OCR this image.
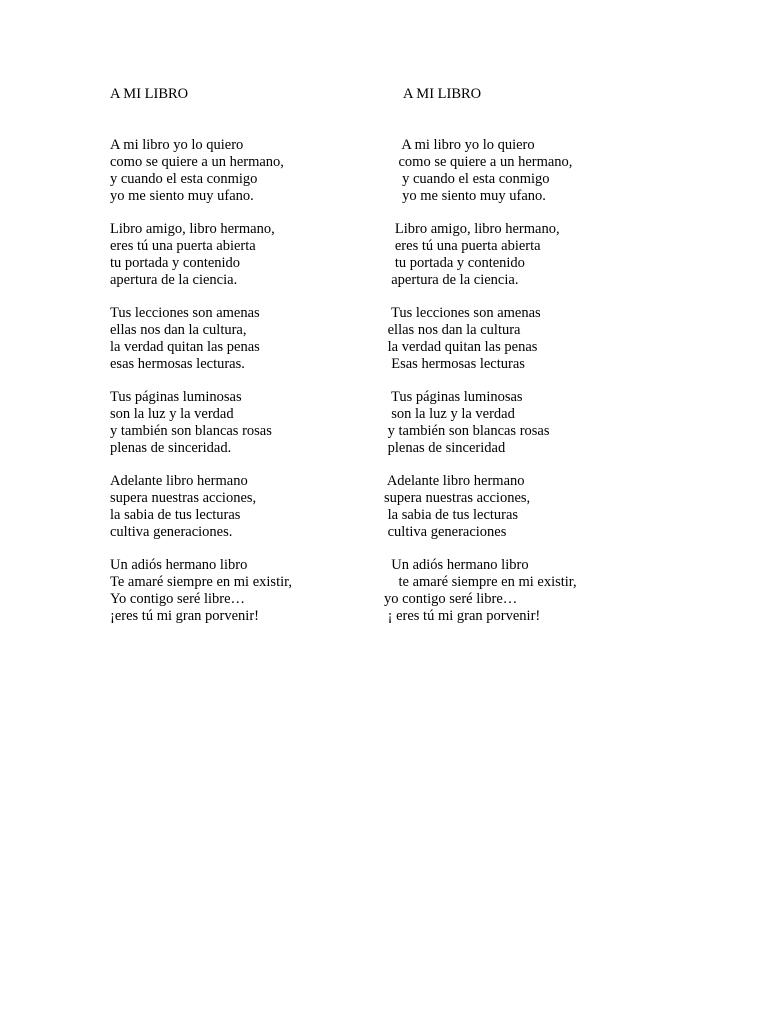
A MI LIBRO	A MI LIBRO
A mi libro yo lo quiero
como se quiere a un hermano,
y cuando el esta conmigo
yo me siento muy ufano.
Libro amigo, libro hermano,
eres tú una puerta abierta
tu portada y contenido
apertura de la ciencia.
Tus lecciones son amenas
ellas nos dan la cultura,
la verdad quitan las penas
esas hermosas lecturas.
Tus páginas luminosas
son la luz y la verdad
y también son blancas rosas
plenas de sinceridad.
Adelante libro hermano
supera nuestras acciones,
la sabia de tus lecturas
cultiva generaciones.
Un adiós hermano libro
Te amaré siempre en mi existir,
Yo contigo seré libre…
¡eres tú mi gran porvenir!
A mi libro yo lo quiero
como se quiere a un hermano,
y cuando el esta conmigo
yo me siento muy ufano.
Libro amigo, libro hermano,
eres tú una puerta abierta
tu portada y contenido
apertura de la ciencia.
Tus lecciones son amenas
ellas nos dan la cultura
la verdad quitan las penas
Esas hermosas lecturas
Tus páginas luminosas
son la luz y la verdad
y también son blancas rosas
plenas de sinceridad
Adelante libro hermano
supera nuestras acciones,
la sabia de tus lecturas
cultiva generaciones
Un adiós hermano libro
te amaré siempre en mi existir,
yo contigo seré libre…
¡ eres tú mi gran porvenir!
